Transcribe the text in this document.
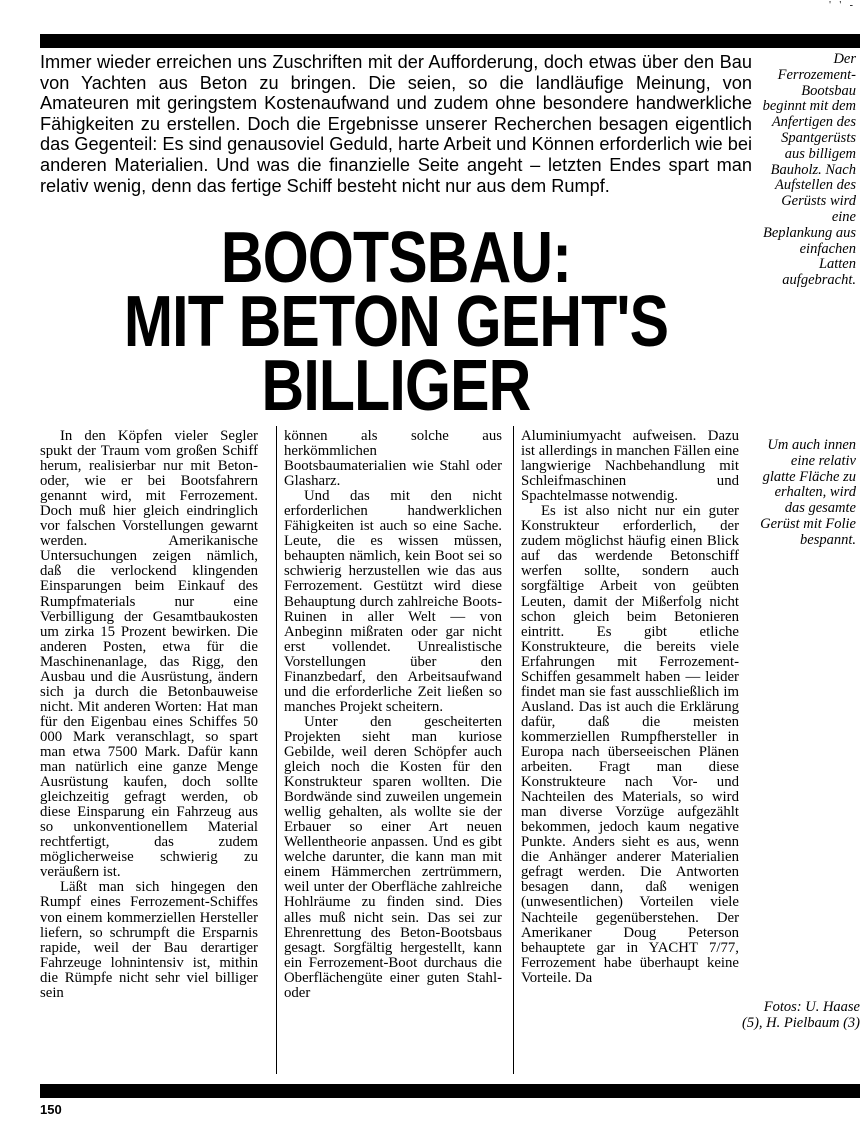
' ' -

Immer wieder erreichen uns Zuschriften mit der Aufforderung, doch etwas über den Bau von Yachten aus Beton zu bringen. Die seien, so die landläufige Meinung, von Amateuren mit geringstem Kostenaufwand und zudem ohne besondere handwerkliche Fähigkeiten zu erstellen. Doch die Ergebnisse unserer Recherchen besagen eigentlich das Gegenteil: Es sind genausoviel Geduld, harte Arbeit und Können erforderlich wie bei anderen Materialien. Und was die finanzielle Seite angeht – letzten Endes spart man relativ wenig, denn das fertige Schiff besteht nicht nur aus dem Rumpf.

BOOTSBAU:
MIT BETON GEHT'S
BILLIGER

Der Ferrozement-Bootsbau beginnt mit dem Anfertigen des Spantgerüsts aus billigem Bauholz. Nach Aufstellen des Gerüsts wird eine Beplankung aus einfachen Latten aufgebracht.

Um auch innen eine relativ glatte Fläche zu erhalten, wird das gesamte Gerüst mit Folie bespannt.

Fotos: U. Haase (5), H. Pielbaum (3)

In den Köpfen vieler Segler spukt der Traum vom großen Schiff herum, realisierbar nur mit Beton- oder, wie er bei Bootsfahrern genannt wird, mit Ferrozement. Doch muß hier gleich eindringlich vor falschen Vorstellungen gewarnt werden. Amerikanische Untersuchungen zeigen nämlich, daß die verlockend klingenden Einsparungen beim Einkauf des Rumpfmaterials nur eine Verbilligung der Gesamtbaukosten um zirka 15 Prozent bewirken. Die anderen Posten, etwa für die Maschinenanlage, das Rigg, den Ausbau und die Ausrüstung, ändern sich ja durch die Betonbauweise nicht. Mit anderen Worten: Hat man für den Eigenbau eines Schiffes 50 000 Mark veranschlagt, so spart man etwa 7500 Mark. Dafür kann man natürlich eine ganze Menge Ausrüstung kaufen, doch sollte gleichzeitig gefragt werden, ob diese Einsparung ein Fahrzeug aus so unkonventionellem Material rechtfertigt, das zudem möglicherweise schwierig zu veräußern ist.

Läßt man sich hingegen den Rumpf eines Ferrozement-Schiffes von einem kommerziellen Hersteller liefern, so schrumpft die Ersparnis rapide, weil der Bau derartiger Fahrzeuge lohnintensiv ist, mithin die Rümpfe nicht sehr viel billiger sein

können als solche aus herkömmlichen Bootsbaumaterialien wie Stahl oder Glasharz.

Und das mit den nicht erforderlichen handwerklichen Fähigkeiten ist auch so eine Sache. Leute, die es wissen müssen, behaupten nämlich, kein Boot sei so schwierig herzustellen wie das aus Ferrozement. Gestützt wird diese Behauptung durch zahlreiche Boots-Ruinen in aller Welt — von Anbeginn mißraten oder gar nicht erst vollendet. Unrealistische Vorstellungen über den Finanzbedarf, den Arbeitsaufwand und die erforderliche Zeit ließen so manches Projekt scheitern.

Unter den gescheiterten Projekten sieht man kuriose Gebilde, weil deren Schöpfer auch gleich noch die Kosten für den Konstrukteur sparen wollten. Die Bordwände sind zuweilen ungemein wellig gehalten, als wollte sie der Erbauer so einer Art neuen Wellentheorie anpassen. Und es gibt welche darunter, die kann man mit einem Hämmerchen zertrümmern, weil unter der Oberfläche zahlreiche Hohlräume zu finden sind. Dies alles muß nicht sein. Das sei zur Ehrenrettung des Beton-Bootsbaus gesagt. Sorgfältig hergestellt, kann ein Ferrozement-Boot durchaus die Oberflächengüte einer guten Stahl- oder

Aluminiumyacht aufweisen. Dazu ist allerdings in manchen Fällen eine langwierige Nachbehandlung mit Schleifmaschinen und Spachtelmasse notwendig.

Es ist also nicht nur ein guter Konstrukteur erforderlich, der zudem möglichst häufig einen Blick auf das werdende Betonschiff werfen sollte, sondern auch sorgfältige Arbeit von geübten Leuten, damit der Mißerfolg nicht schon gleich beim Betonieren eintritt. Es gibt etliche Konstrukteure, die bereits viele Erfahrungen mit Ferrozement-Schiffen gesammelt haben — leider findet man sie fast ausschließlich im Ausland. Das ist auch die Erklärung dafür, daß die meisten kommerziellen Rumpfhersteller in Europa nach überseeischen Plänen arbeiten. Fragt man diese Konstrukteure nach Vor- und Nachteilen des Materials, so wird man diverse Vorzüge aufgezählt bekommen, jedoch kaum negative Punkte. Anders sieht es aus, wenn die Anhänger anderer Materialien gefragt werden. Die Antworten besagen dann, daß wenigen (unwesentlichen) Vorteilen viele Nachteile gegenüberstehen. Der Amerikaner Doug Peterson behauptete gar in YACHT 7/77, Ferrozement habe überhaupt keine Vorteile. Da

150
